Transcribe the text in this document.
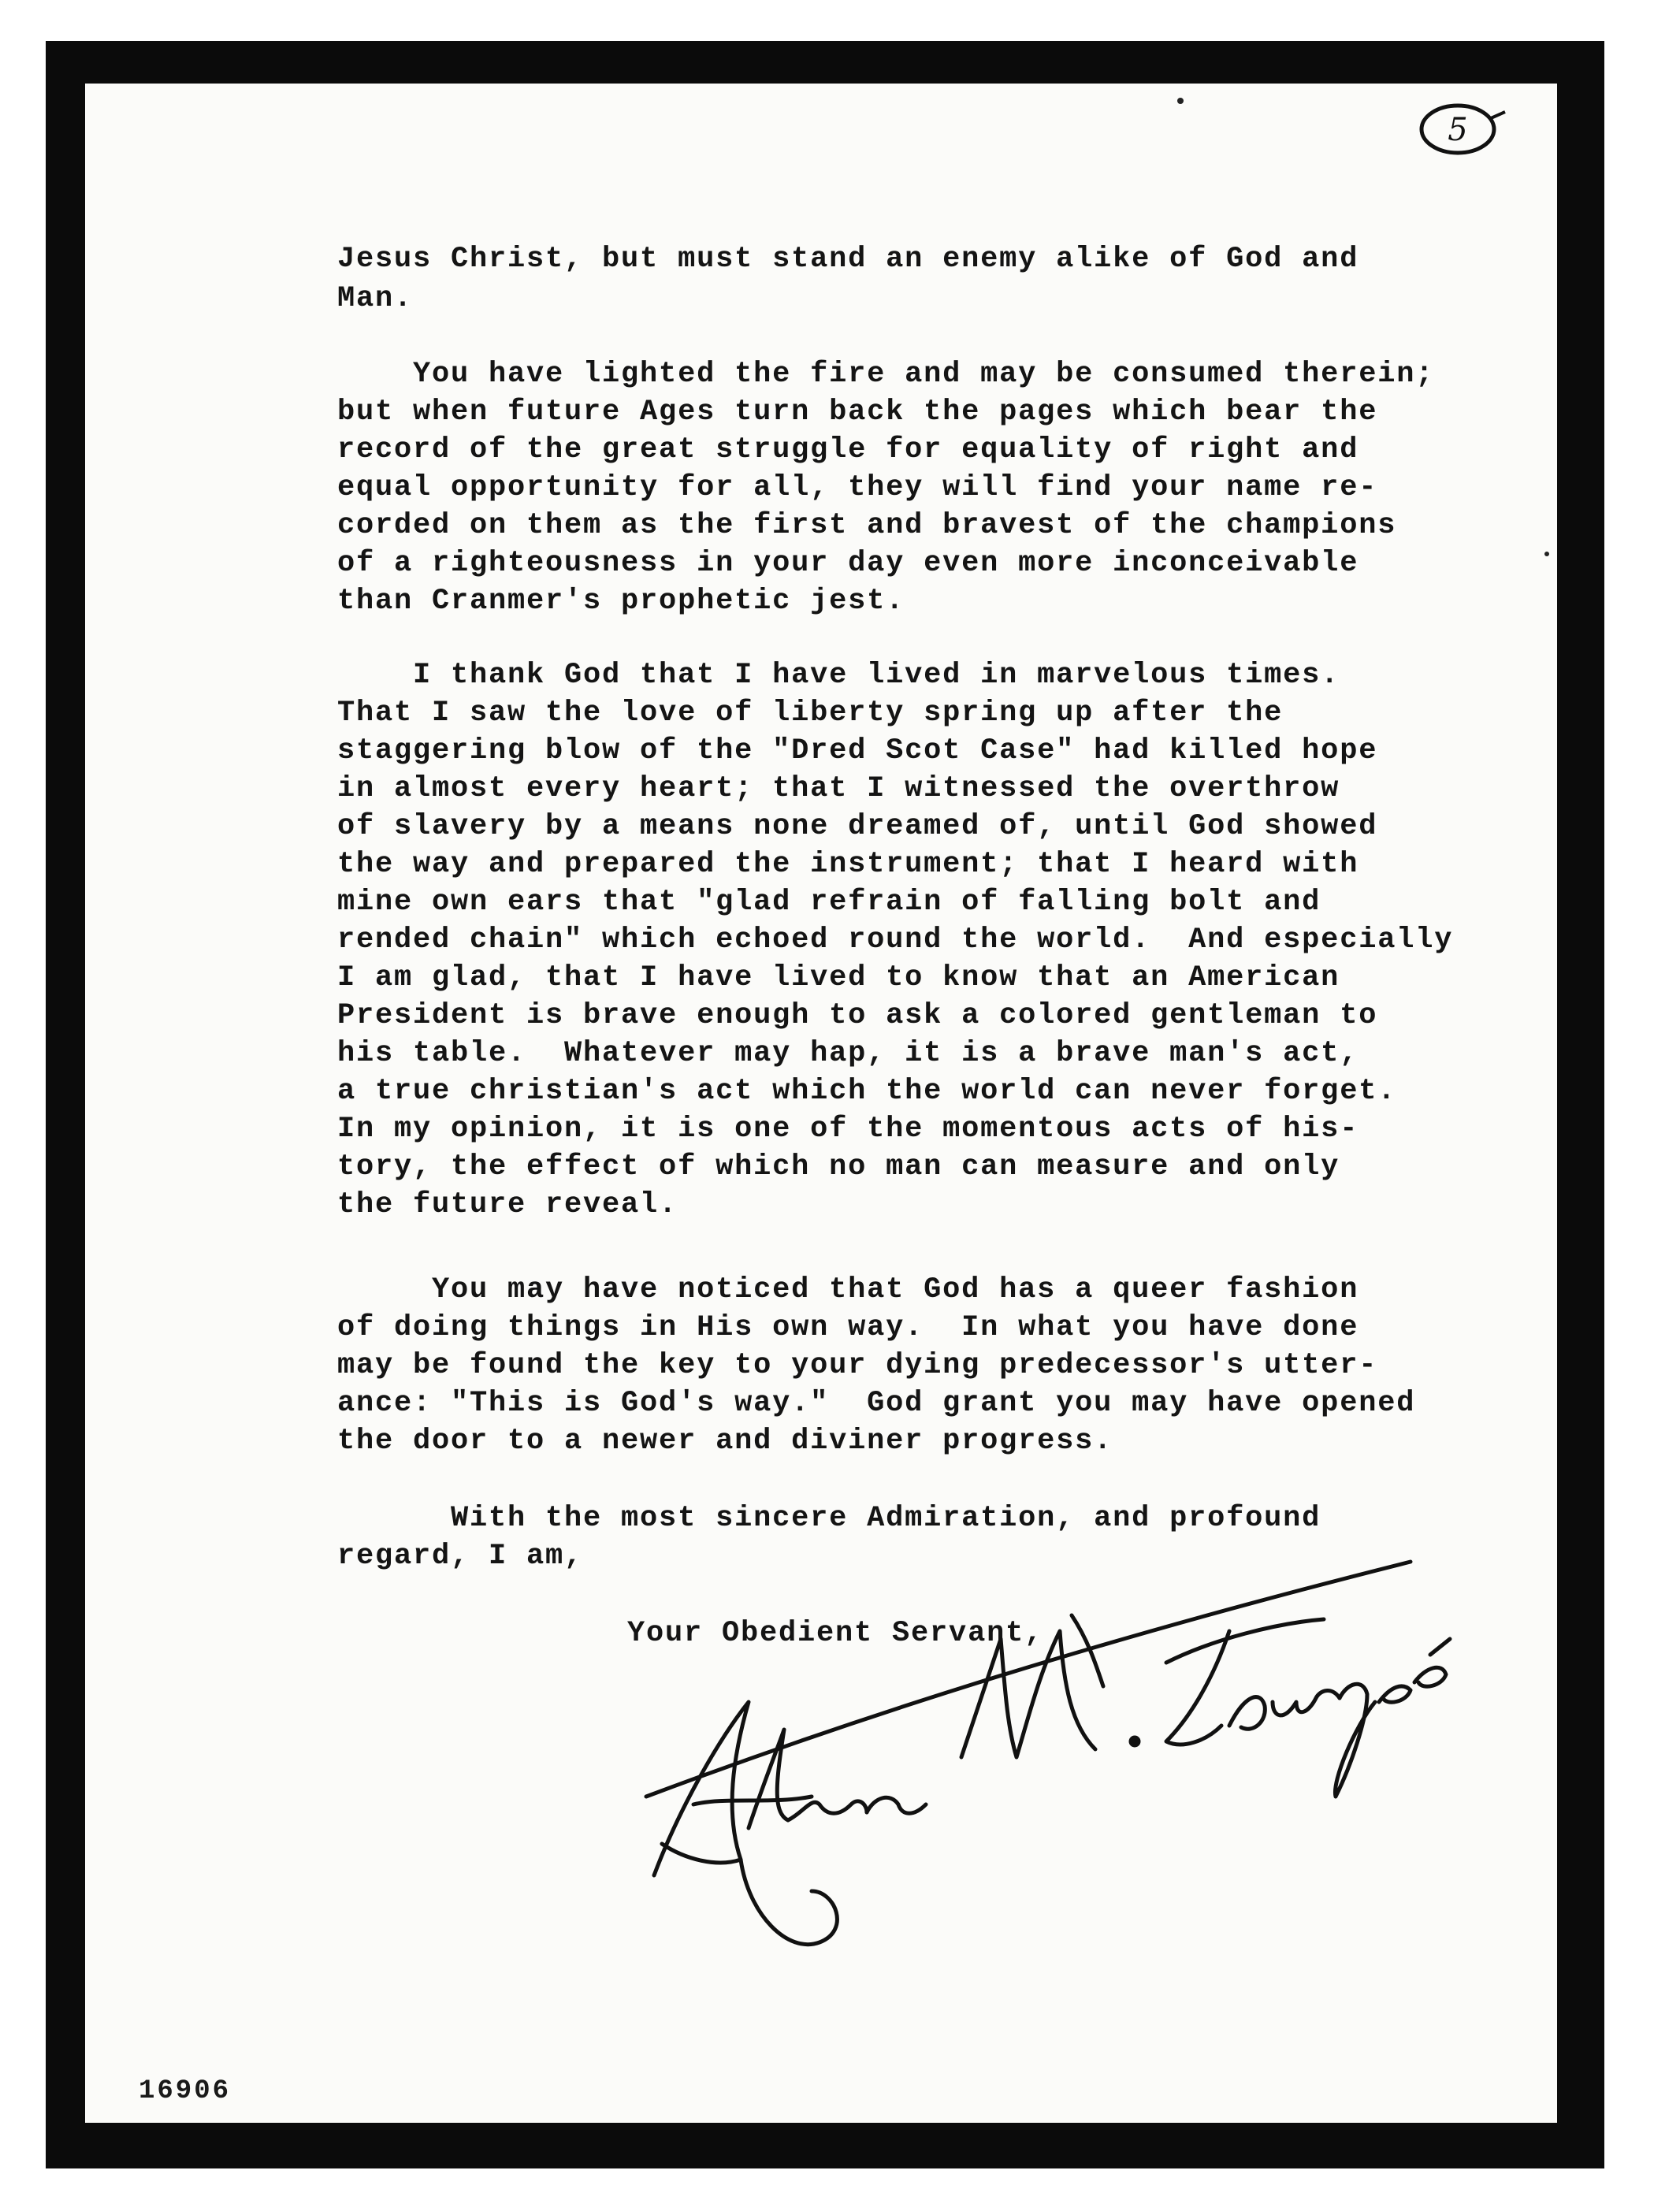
5

Jesus Christ, but must stand an enemy alike of God and

Man.

You have lighted the fire and may be consumed therein;

but when future Ages turn back the pages which bear the

record of the great struggle for equality of right and

equal opportunity for all, they will find your name re-

corded on them as the first and bravest of the champions

of a righteousness in your day even more inconceivable

than Cranmer's prophetic jest.

I thank God that I have lived in marvelous times.

That I saw the love of liberty spring up after the

staggering blow of the "Dred Scot Case" had killed hope

in almost every heart; that I witnessed the overthrow

of slavery by a means none dreamed of, until God showed

the way and prepared the instrument; that I heard with

mine own ears that "glad refrain of falling bolt and

rended chain" which echoed round the world.  And especially

I am glad, that I have lived to know that an American

President is brave enough to ask a colored gentleman to

his table.  Whatever may hap, it is a brave man's act,

a true christian's act which the world can never forget.

In my opinion, it is one of the momentous acts of his-

tory, the effect of which no man can measure and only

the future reveal.

You may have noticed that God has a queer fashion

of doing things in His own way.  In what you have done

may be found the key to your dying predecessor's utter-

ance: "This is God's way."  God grant you may have opened

the door to a newer and diviner progress.

With the most sincere Admiration, and profound

regard, I am,

Your Obedient Servant,

16906
